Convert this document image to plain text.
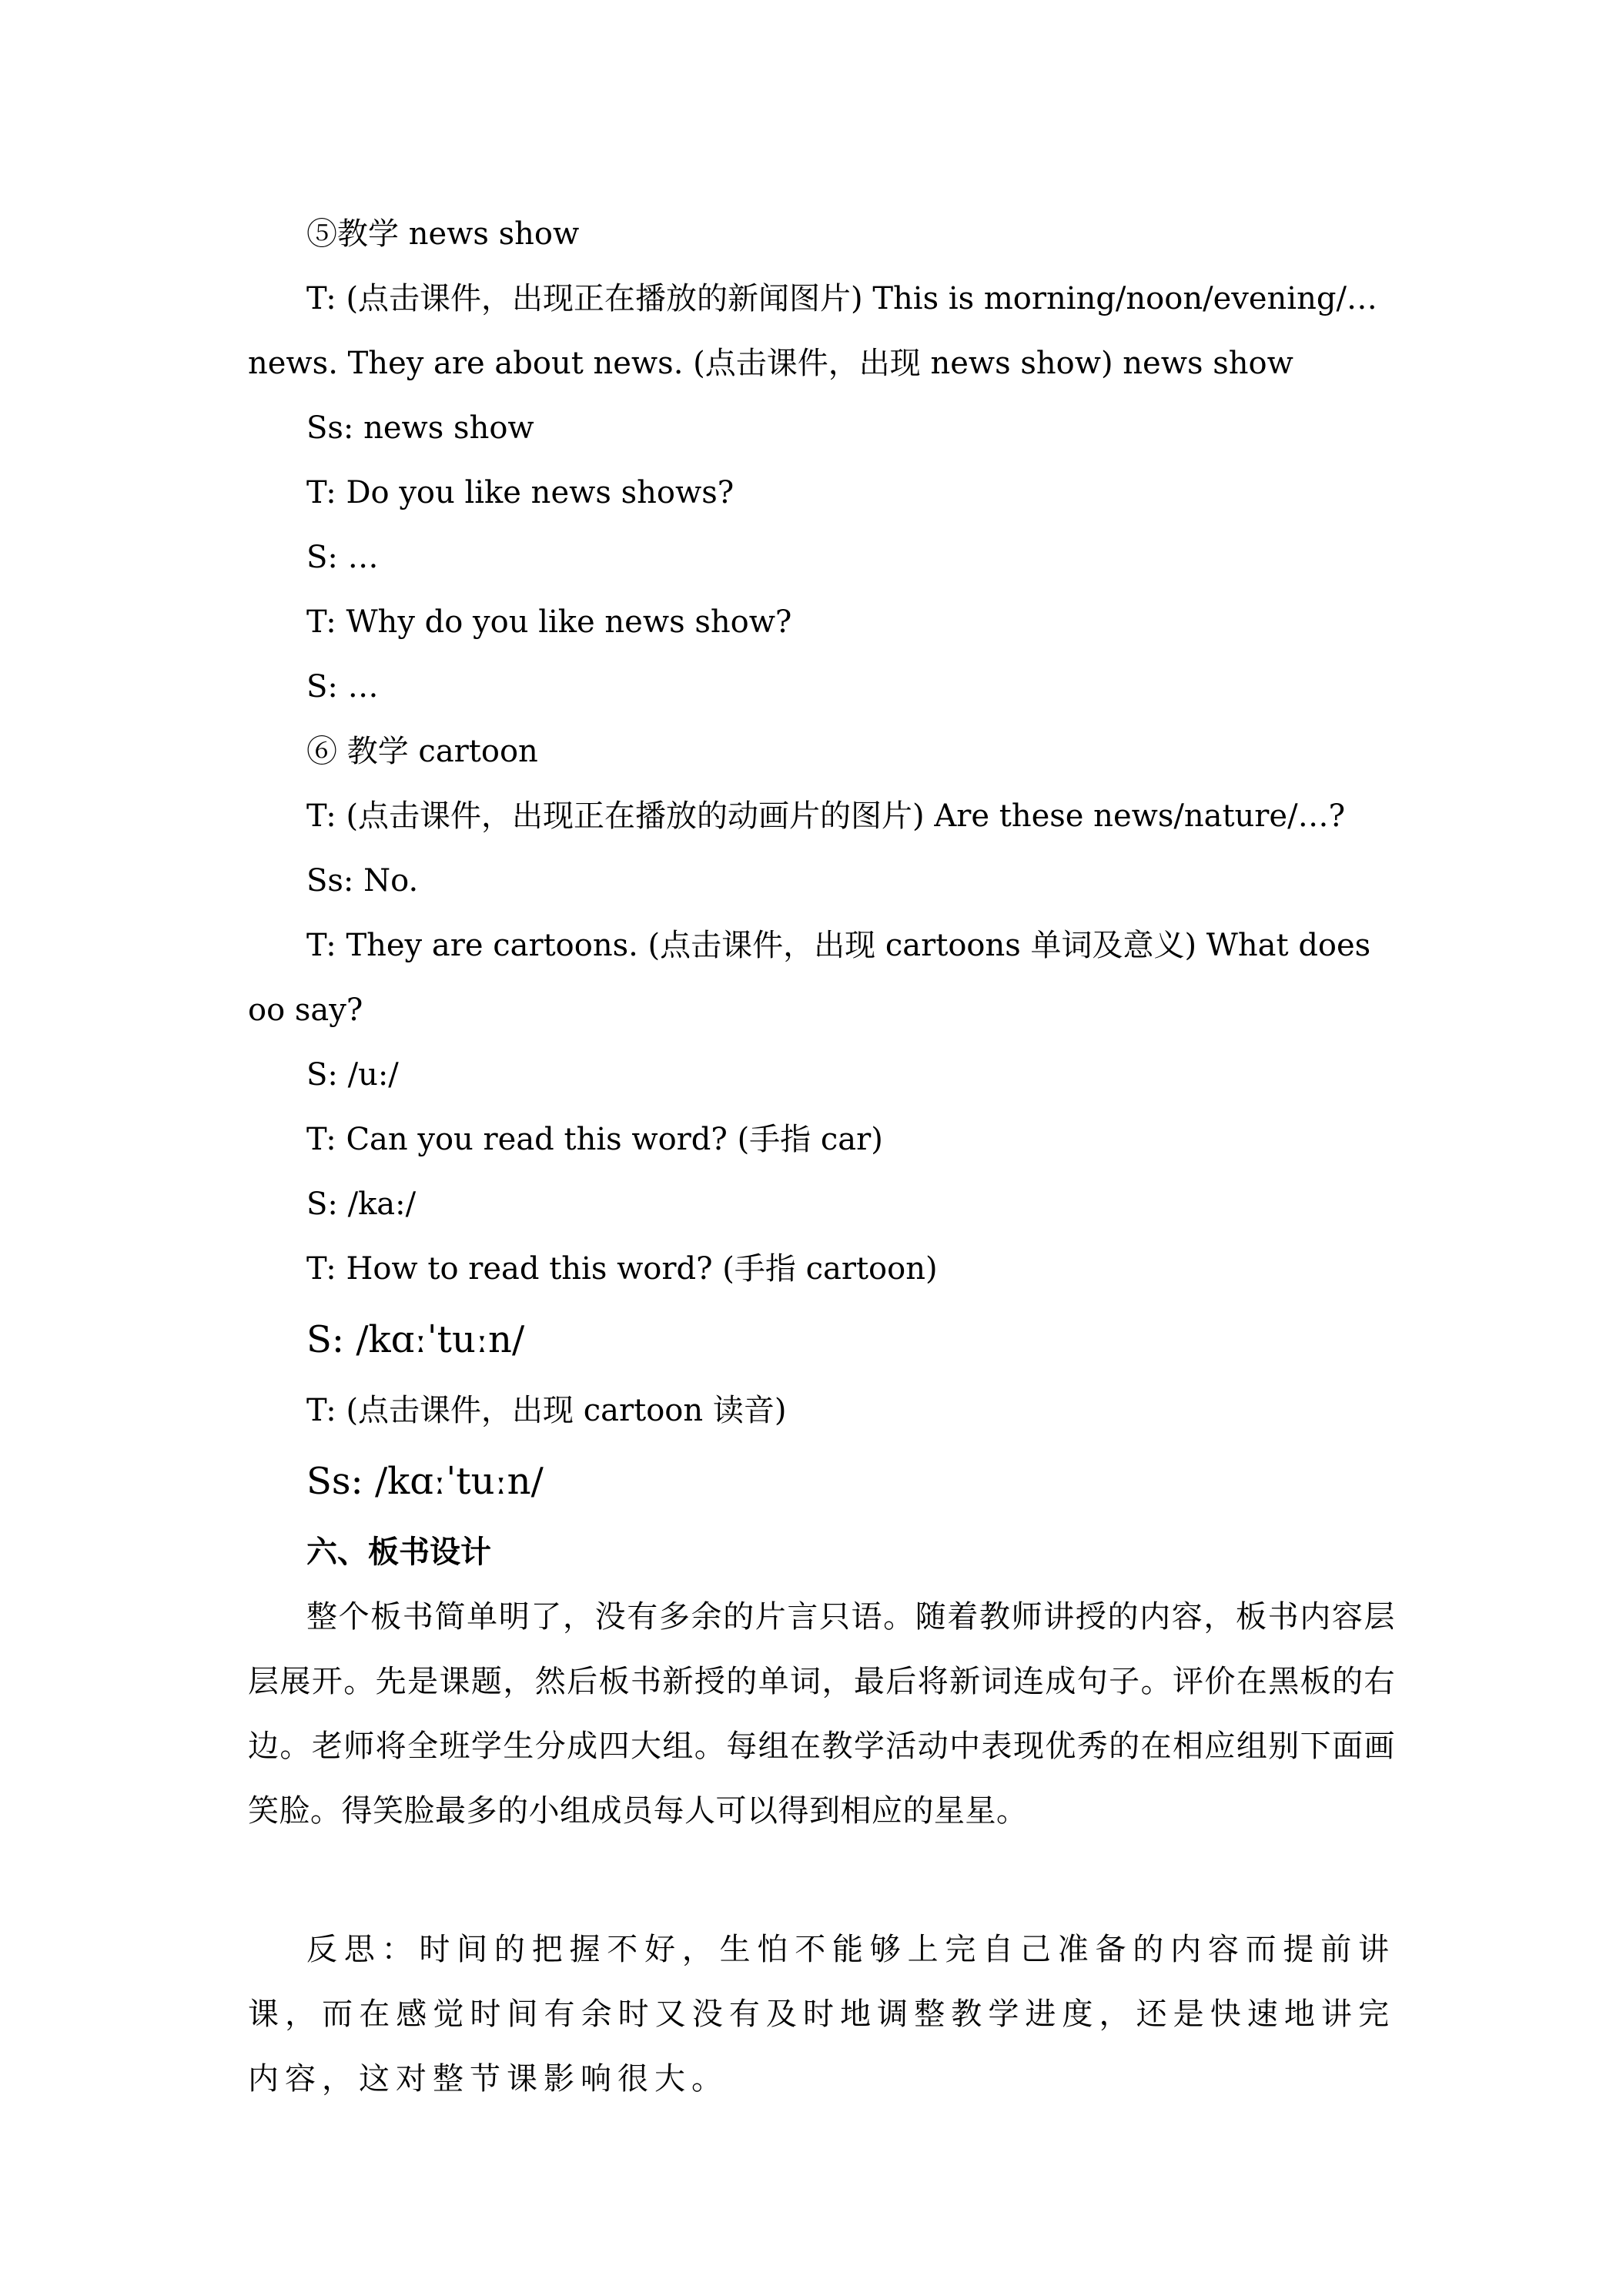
⑤教学 news show

T: (点击课件，出现正在播放的新闻图片) This is morning/noon/evening/… news. They are about news. (点击课件，出现 news show) news show

Ss: news show

T: Do you like news shows?

S: …

T: Why do you like news show?

S: …

⑥ 教学 cartoon

T: (点击课件，出现正在播放的动画片的图片) Are these news/nature/…?

Ss: No.

T: They are cartoons. (点击课件，出现 cartoons 单词及意义) What does oo say?

S: /u:/

T: Can you read this word? (手指 car)

S: /ka:/

T: How to read this word? (手指 cartoon)

S: /kɑːˈtuːn/

T: (点击课件，出现 cartoon 读音)

Ss: /kɑːˈtuːn/

六、板书设计

整个板书简单明了，没有多余的片言只语。随着教师讲授的内容，板书内容层层展开。先是课题，然后板书新授的单词，最后将新词连成句子。评价在黑板的右边。老师将全班学生分成四大组。每组在教学活动中表现优秀的在相应组别下面画笑脸。得笑脸最多的小组成员每人可以得到相应的星星。

反思：时间的把握不好，生怕不能够上完自己准备的内容而提前讲课，而在感觉时间有余时又没有及时地调整教学进度，还是快速地讲完内容，这对整节课影响很大。
